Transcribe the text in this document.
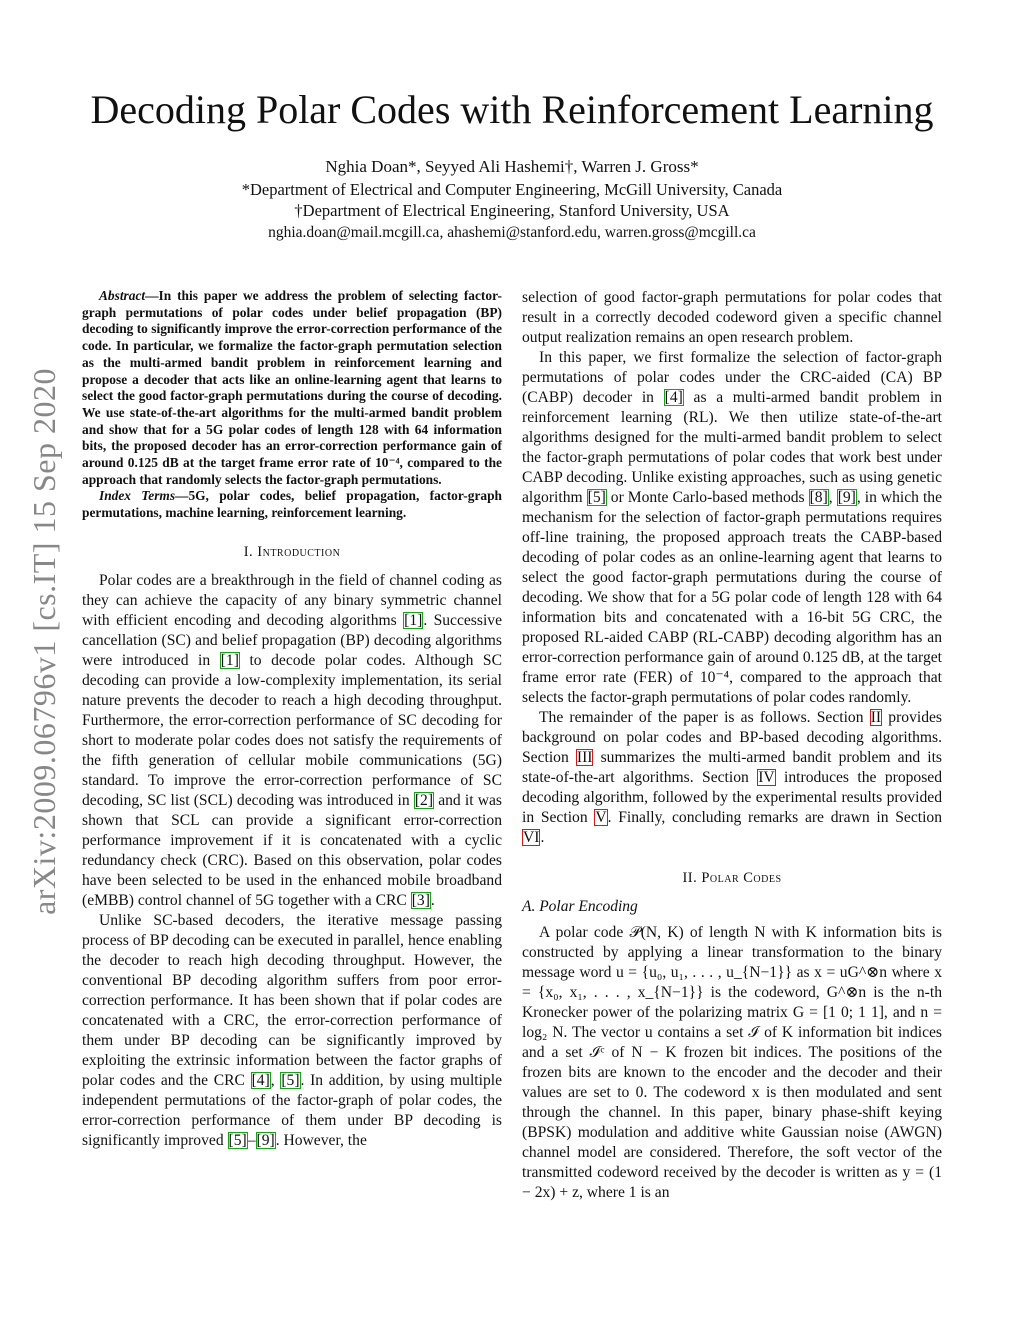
arXiv:2009.06796v1 [cs.IT] 15 Sep 2020
Decoding Polar Codes with Reinforcement Learning
Nghia Doan*, Seyyed Ali Hashemi†, Warren J. Gross*
*Department of Electrical and Computer Engineering, McGill University, Canada
†Department of Electrical Engineering, Stanford University, USA
nghia.doan@mail.mcgill.ca, ahashemi@stanford.edu, warren.gross@mcgill.ca

Abstract—In this paper we address the problem of selecting factor-graph permutations of polar codes under belief propagation (BP) decoding to significantly improve the error-correction performance of the code. In particular, we formalize the factor-graph permutation selection as the multi-armed bandit problem in reinforcement learning and propose a decoder that acts like an online-learning agent that learns to select the good factor-graph permutations during the course of decoding. We use state-of-the-art algorithms for the multi-armed bandit problem and show that for a 5G polar codes of length 128 with 64 information bits, the proposed decoder has an error-correction performance gain of around 0.125 dB at the target frame error rate of 10⁻⁴, compared to the approach that randomly selects the factor-graph permutations.

Index Terms—5G, polar codes, belief propagation, factor-graph permutations, machine learning, reinforcement learning.

I. Introduction

Polar codes are a breakthrough in the field of channel coding as they can achieve the capacity of any binary symmetric channel with efficient encoding and decoding algorithms [1]. Successive cancellation (SC) and belief propagation (BP) decoding algorithms were introduced in [1] to decode polar codes. Although SC decoding can provide a low-complexity implementation, its serial nature prevents the decoder to reach a high decoding throughput. Furthermore, the error-correction performance of SC decoding for short to moderate polar codes does not satisfy the requirements of the fifth generation of cellular mobile communications (5G) standard. To improve the error-correction performance of SC decoding, SC list (SCL) decoding was introduced in [2] and it was shown that SCL can provide a significant error-correction performance improvement if it is concatenated with a cyclic redundancy check (CRC). Based on this observation, polar codes have been selected to be used in the enhanced mobile broadband (eMBB) control channel of 5G together with a CRC [3].

Unlike SC-based decoders, the iterative message passing process of BP decoding can be executed in parallel, hence enabling the decoder to reach high decoding throughput. However, the conventional BP decoding algorithm suffers from poor error-correction performance. It has been shown that if polar codes are concatenated with a CRC, the error-correction performance of them under BP decoding can be significantly improved by exploiting the extrinsic information between the factor graphs of polar codes and the CRC [4], [5]. In addition, by using multiple independent permutations of the factor-graph of polar codes, the error-correction performance of them under BP decoding is significantly improved [5]–[9]. However, the

selection of good factor-graph permutations for polar codes that result in a correctly decoded codeword given a specific channel output realization remains an open research problem.

In this paper, we first formalize the selection of factor-graph permutations of polar codes under the CRC-aided (CA) BP (CABP) decoder in [4] as a multi-armed bandit problem in reinforcement learning (RL). We then utilize state-of-the-art algorithms designed for the multi-armed bandit problem to select the factor-graph permutations of polar codes that work best under CABP decoding. Unlike existing approaches, such as using genetic algorithm [5] or Monte Carlo-based methods [8], [9], in which the mechanism for the selection of factor-graph permutations requires off-line training, the proposed approach treats the CABP-based decoding of polar codes as an online-learning agent that learns to select the good factor-graph permutations during the course of decoding. We show that for a 5G polar code of length 128 with 64 information bits and concatenated with a 16-bit 5G CRC, the proposed RL-aided CABP (RL-CABP) decoding algorithm has an error-correction performance gain of around 0.125 dB, at the target frame error rate (FER) of 10⁻⁴, compared to the approach that selects the factor-graph permutations of polar codes randomly.

The remainder of the paper is as follows. Section II provides background on polar codes and BP-based decoding algorithms. Section III summarizes the multi-armed bandit problem and its state-of-the-art algorithms. Section IV introduces the proposed decoding algorithm, followed by the experimental results provided in Section V. Finally, concluding remarks are drawn in Section VI.

II. Polar Codes
A. Polar Encoding

A polar code 𝒫(N, K) of length N with K information bits is constructed by applying a linear transformation to the binary message word u = {u₀, u₁, . . . , u_{N−1}} as x = uG^⊗n where x = {x₀, x₁, . . . , x_{N−1}} is the codeword, G^⊗n is the n-th Kronecker power of the polarizing matrix G = [1 0; 1 1], and n = log₂ N. The vector u contains a set ℐ of K information bit indices and a set ℐᶜ of N − K frozen bit indices. The positions of the frozen bits are known to the encoder and the decoder and their values are set to 0. The codeword x is then modulated and sent through the channel. In this paper, binary phase-shift keying (BPSK) modulation and additive white Gaussian noise (AWGN) channel model are considered. Therefore, the soft vector of the transmitted codeword received by the decoder is written as y = (1 − 2x) + z, where 1 is an
